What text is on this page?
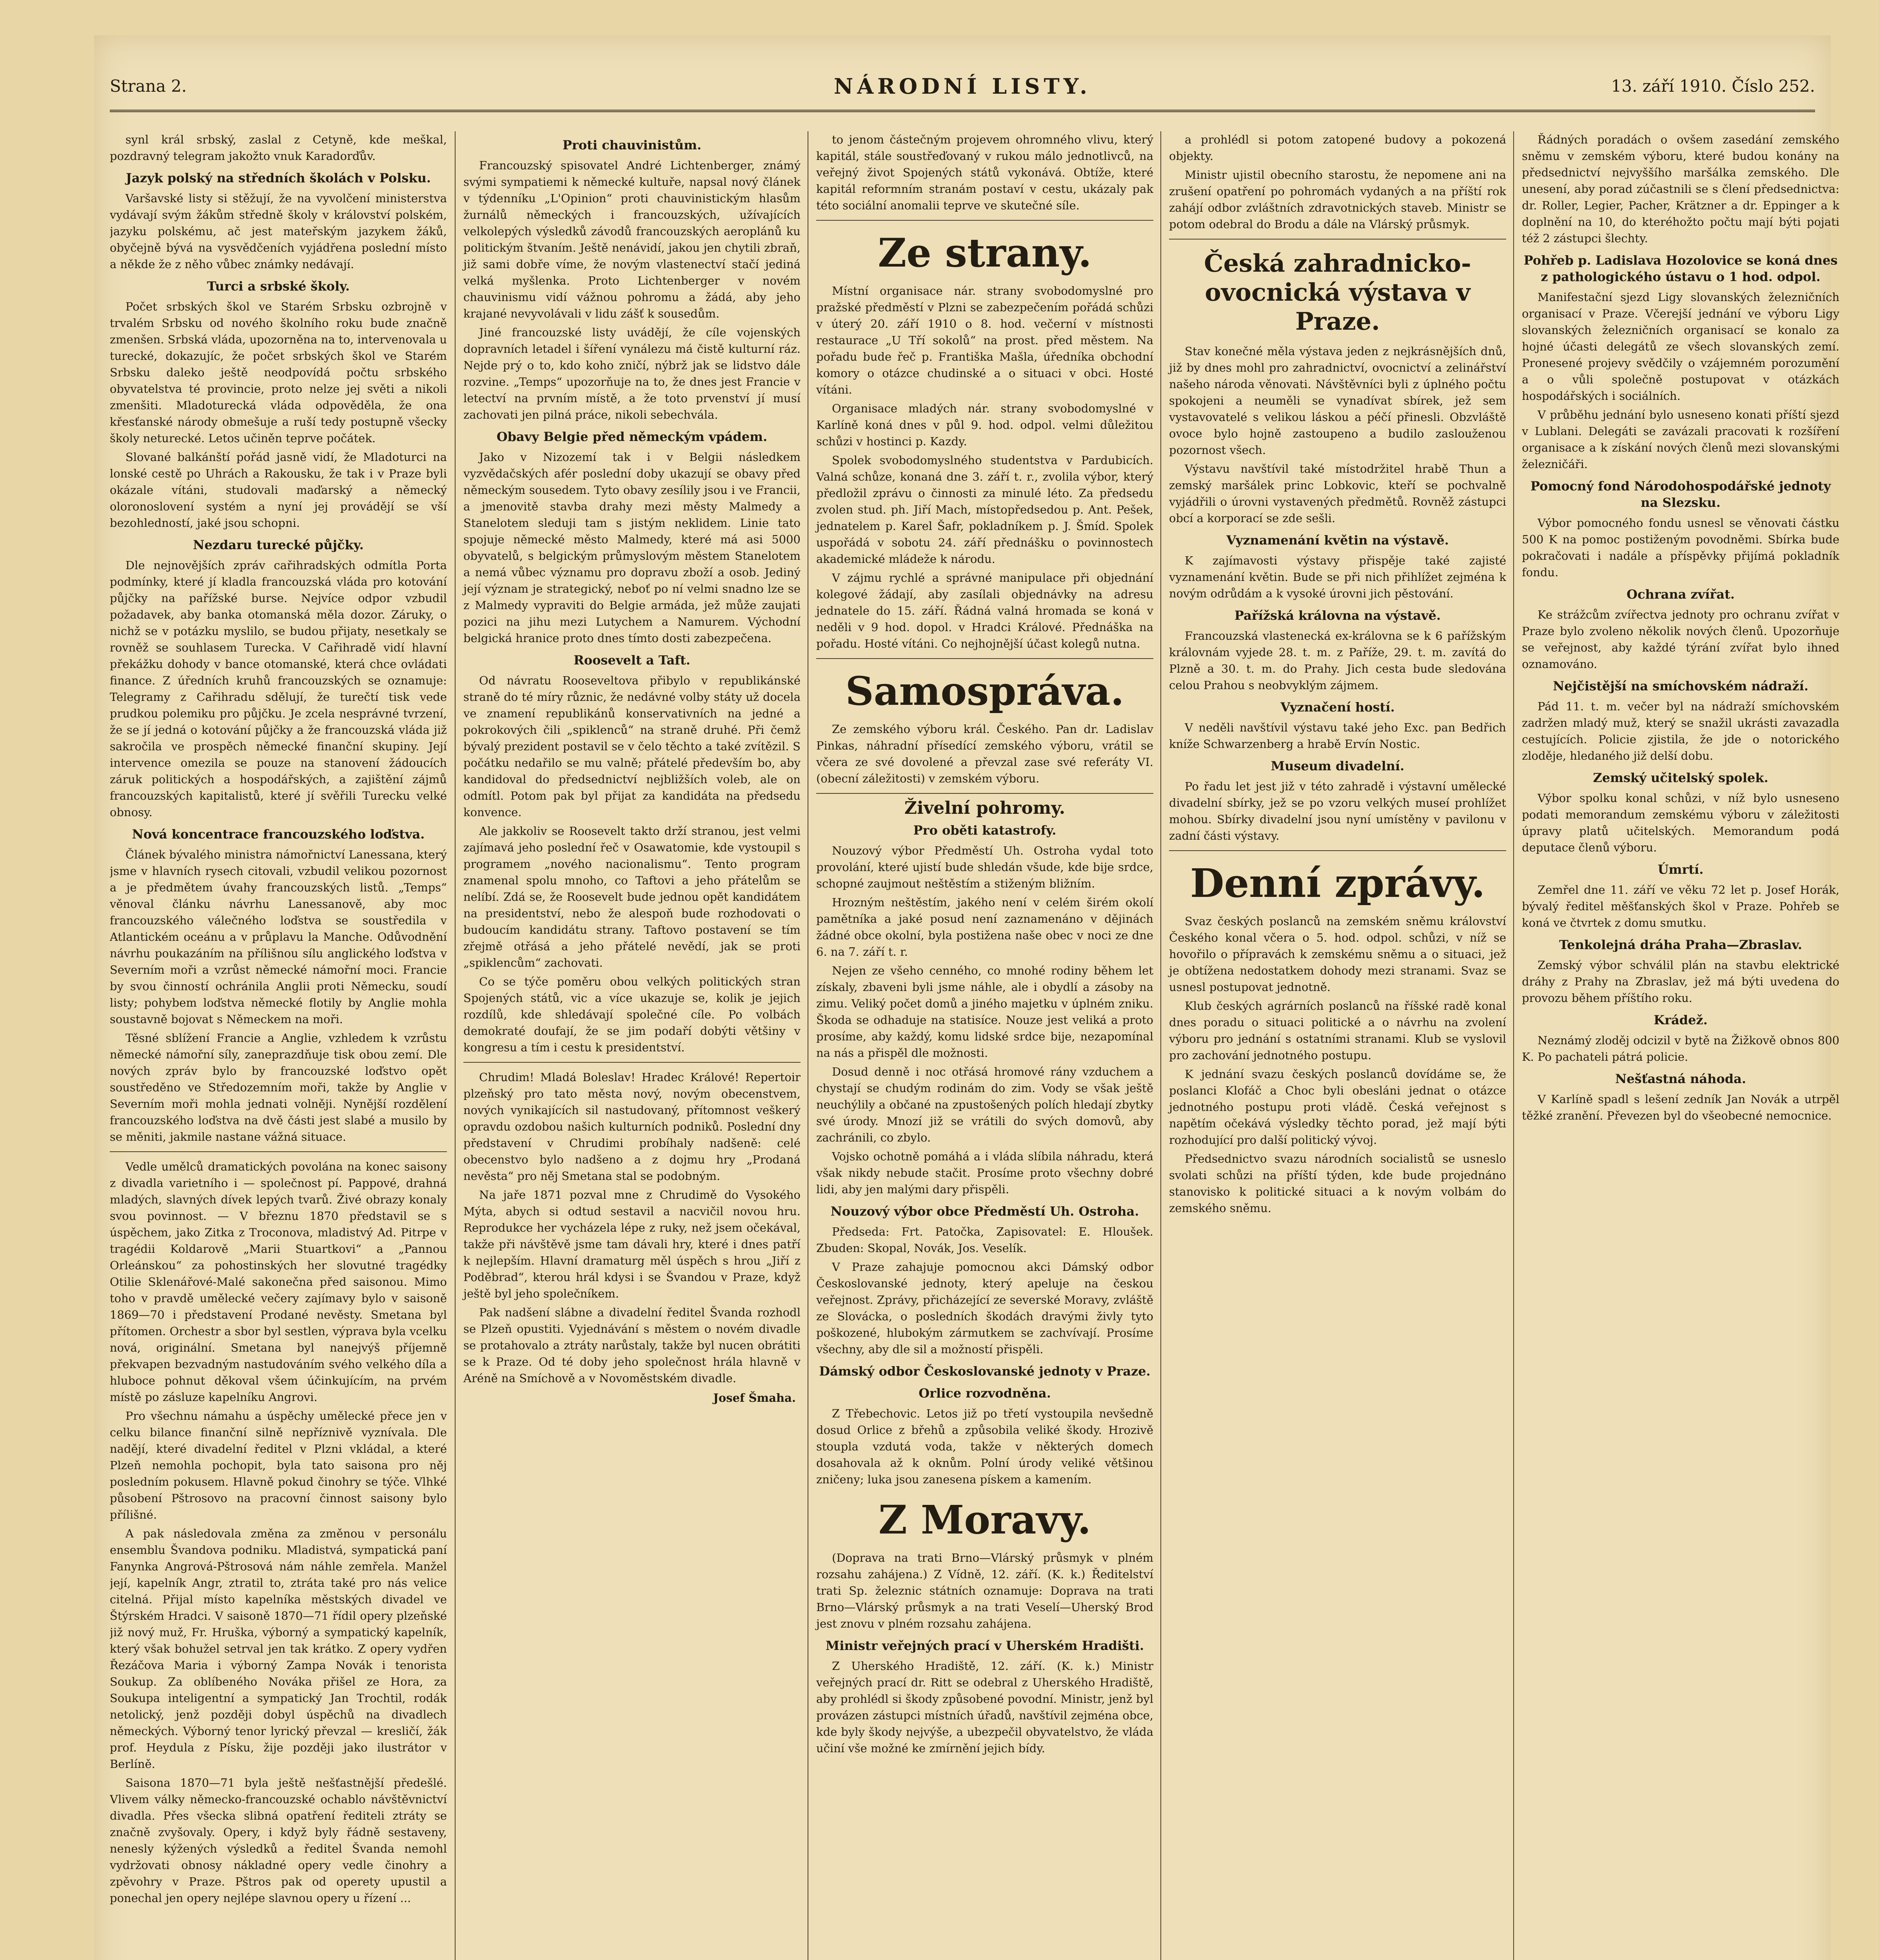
Strana 2.	NÁRODNÍ LISTY.	13. září 1910. Číslo 252.

synl král srbský, zaslal z Cetyně, kde meškal, pozdravný telegram jakožto vnuk Karadorďův.

Jazyk polský na středních školách v Polsku.

Varšavské listy si stěžují, že na vyvolčení ministerstva vydávají svým žákům středně školy v království polském, jazyku polskému, ač jest mateřským jazykem žáků, obyčejně bývá na vysvědčeních vyjádřena poslední místo a někde že z něho vůbec známky nedávají.

Turci a srbské školy.

Počet srbských škol ve Starém Srbsku ozbrojně v trvalém Srbsku od nového školního roku bude značně zmenšen. Srbská vláda, upozorněna na to, intervenovala u turecké, dokazujíc, že počet srbských škol ve Starém Srbsku daleko ještě neodpovídá počtu srbského obyvatelstva té provincie, proto nelze jej světi a nikoli zmenšiti. Mladoturecká vláda odpověděla, že ona křesťanské národy obmešuje a ruší tedy postupně všecky školy neturecké. Letos učiněn teprve počátek.

Slované balkánští pořád jasně vidí, že Mladoturci na lonské cestě po Uhrách a Rakousku, že tak i v Praze byli okázale vítáni, studovali maďarský a německý oloronoslovení systém a nyní jej provádějí se vší bezohledností, jaké jsou schopni.

Nezdaru turecké půjčky.

Dle nejnovějších zpráv cařihradských odmítla Porta podmínky, které jí kladla francouzská vláda pro kotování půjčky na pařížské burse. Nejvíce odpor vzbudil požadavek, aby banka otomanská měla dozor. Záruky, o nichž se v potázku myslilo, se budou přijaty, nesetkaly se rovněž se souhlasem Turecka. V Cařihradě vidí hlavní překážku dohody v bance otomanské, která chce ovládati finance. Z úředních kruhů francouzských se oznamuje: Telegramy z Cařihradu sdělují, že turečtí tisk vede prudkou polemiku pro půjčku. Je zcela nesprávné tvrzení, že se jí jedná o kotování půjčky a že francouzská vláda již sakročila ve prospěch německé finanční skupiny. Její intervence omezila se pouze na stanovení žádoucích záruk politických a hospodářských, a zajištění zájmů francouzských kapitalistů, které jí svěřili Turecku velké obnosy.

Nová koncentrace francouzského loďstva.

Článek bývalého ministra námořnictví Lanessana, který jsme v hlavních rysech citovali, vzbudil velikou pozornost a je předmětem úvahy francouzských listů. „Temps“ věnoval článku návrhu Lanessanově, aby moc francouzského válečného loďstva se soustředila v Atlantickém oceánu a v průplavu la Manche. Odůvodnění návrhu poukazáním na přílišnou sílu anglického loďstva v Severním moři a vzrůst německé námořní moci. Francie by svou činností ochránila Anglii proti Německu, soudí listy; pohybem loďstva německé flotily by Anglie mohla soustavně bojovat s Německem na moři.

Těsné sblížení Francie a Anglie, vzhledem k vzrůstu německé námořní síly, zaneprazdňuje tisk obou zemí. Dle nových zpráv bylo by francouzské loďstvo opět soustředěno ve Středozemním moři, takže by Anglie v Severním moři mohla jednati volněji. Nynější rozdělení francouzského loďstva na dvě části jest slabé a musilo by se měniti, jakmile nastane vážná situace.

Vedle umělců dramatických povolána na konec saisony z divadla varietního i — společnost pí. Pappové, drahná mladých, slavných dívek lepých tvarů. Živé obrazy konaly svou povinnost. — V březnu 1870 představil se s úspěchem, jako Zitka z Troconova, mladistvý Ad. Pitrpe v tragédii Koldarově „Marii Stuartkovi“ a „Pannou Orleánskou“ za pohostinských her slovutné tragédky Otilie Sklenářové-Malé sakonečna před saisonou. Mimo toho v pravdě umělecké večery zajímavy bylo v saisoně 1869—70 i představení Prodané nevěsty. Smetana byl přítomen. Orchestr a sbor byl sestlen, výprava byla vcelku nová, originální. Smetana byl nanejvýš příjemně překvapen bezvadným nastudováním svého velkého díla a hluboce pohnut děkoval všem účinkujícím, na prvém místě po zásluze kapelníku Angrovi.

Pro všechnu námahu a úspěchy umělecké přece jen v celku bilance finanční silně nepříznivě vyznívala. Dle nadějí, které divadelní ředitel v Plzni vkládal, a které Plzeň nemohla pochopit, byla tato saisona pro něj posledním pokusem. Hlavně pokud činohry se týče. Vlhké působení Pštrosovo na pracovní činnost saisony bylo přílišné.

A pak následovala změna za změnou v personálu ensemblu Švandova podniku. Mladistvá, sympatická paní Fanynka Angrová-Pštrosová nám náhle zemřela. Manžel její, kapelník Angr, ztratil to, ztráta také pro nás velice citelná. Přijal místo kapelníka městských divadel ve Štýrském Hradci. V saisoně 1870—71 řídil opery plzeňské již nový muž, Fr. Hruška, výborný a sympatický kapelník, který však bohužel setrval jen tak krátko. Z opery vydřen Řezáčova Maria i výborný Zampa Novák i tenorista Soukup. Za oblíbeného Nováka přišel ze Hora, za Soukupa inteligentní a sympatický Jan Trochtil, rodák netolický, jenž později dobyl úspěchů na divadlech německých. Výborný tenor lyrický převzal — kresličí, žák prof. Heydula z Písku, žije později jako ilustrátor v Berlíně.

Saisona 1870—71 byla ještě nešťastnější předešlé. Vlivem války německo-francouzské ochablo návštěvnictví divadla. Přes všecka slibná opatření řediteli ztráty se značně zvyšovaly. Opery, i když byly řádně sestaveny, nenesly kýžených výsledků a ředitel Švanda nemohl vydržovati obnosy nákladné opery vedle činohry a zpěvohry v Praze. Pštros pak od operety upustil a ponechal jen opery nejlépe slavnou opery u řízení ...

Proti chauvinistům.

Francouzský spisovatel André Lichtenberger, známý svými sympatiemi k německé kultuře, napsal nový článek v týdenníku „L'Opinion“ proti chauvinistickým hlasům žurnálů německých i francouzských, užívajících velkolepých výsledků závodů francouzských aeroplánů ku politickým štvaním. Ještě nenávidí, jakou jen chytili zbraň, již sami dobře víme, že novým vlastenectví stačí jediná velká myšlenka. Proto Lichtenberger v novém chauvinismu vidí vážnou pohromu a žádá, aby jeho krajané nevyvolávali v lidu zášť k sousedům.

Jiné francouzské listy uvádějí, že cíle vojenských dopravních letadel i šíření vynálezu má čistě kulturní ráz. Nejde prý o to, kdo koho zničí, nýbrž jak se lidstvo dále rozvine. „Temps“ upozorňuje na to, že dnes jest Francie v letectví na prvním místě, a že toto prvenství jí musí zachovati jen pilná práce, nikoli sebechvála.

Obavy Belgie před německým vpádem.

Jako v Nizozemí tak i v Belgii následkem vyzvědačských afér poslední doby ukazují se obavy před německým sousedem. Tyto obavy zesílily jsou i ve Francii, a jmenovitě stavba drahy mezi městy Malmedy a Stanelotem sleduji tam s jistým neklidem. Linie tato spojuje německé město Malmedy, které má asi 5000 obyvatelů, s belgickým průmyslovým městem Stanelotem a nemá vůbec významu pro dopravu zboží a osob. Jediný její význam je strategický, neboť po ní velmi snadno lze se z Malmedy vypraviti do Belgie armáda, jež může zaujati pozici na jihu mezi Lutychem a Namurem. Východní belgická hranice proto dnes tímto dosti zabezpečena.

Roosevelt a Taft.

Od návratu Rooseveltova přibylo v republikánské straně do té míry různic, že nedávné volby státy už docela ve znamení republikánů konservativních na jedné a pokrokových čili „spiklenců“ na straně druhé. Při čemž bývalý prezident postavil se v čelo těchto a také zvítězil. S počátku nedařilo se mu valně; přátelé především bo, aby kandidoval do předsednictví nejbližších voleb, ale on odmítl. Potom pak byl přijat za kandidáta na předsedu konvence.

Ale jakkoliv se Roosevelt takto drží stranou, jest velmi zajímavá jeho poslední řeč v Osawatomie, kde vystoupil s programem „nového nacionalismu“. Tento program znamenal spolu mnoho, co Taftovi a jeho přátelům se nelíbí. Zdá se, že Roosevelt bude jednou opět kandidátem na presidentství, nebo že alespoň bude rozhodovati o budoucím kandidátu strany. Taftovo postavení se tím zřejmě otřásá a jeho přátelé nevědí, jak se proti „spiklencům“ zachovati.

Co se týče poměru obou velkých politických stran Spojených států, vic a více ukazuje se, kolik je jejich rozdílů, kde shledávají společné cíle. Po volbách demokraté doufají, že se jim podaří dobýti většiny v kongresu a tím i cestu k presidentství.

Chrudim! Mladá Boleslav! Hradec Králové! Repertoir plzeňský pro tato města nový, novým obecenstvem, nových vynikajících sil nastudovaný, přítomnost veškerý opravdu ozdobou našich kulturních podniků. Poslední dny představení v Chrudimi probíhaly nadšeně: celé obecenstvo bylo nadšeno a z dojmu hry „Prodaná nevěsta“ pro něj Smetana stal se podobným.

Na jaře 1871 pozval mne z Chrudimě do Vysokého Mýta, abych si odtud sestavil a nacvičil novou hru. Reprodukce her vycházela lépe z ruky, než jsem očekával, takže při návštěvě jsme tam dávali hry, které i dnes patří k nejlepším. Hlavní dramaturg měl úspěch s hrou „Jiří z Poděbrad“, kterou hrál kdysi i se Švandou v Praze, když ještě byl jeho společníkem.

Pak nadšení slábne a divadelní ředitel Švanda rozhodl se Plzeň opustiti. Vyjednávání s městem o novém divadle se protahovalo a ztráty narůstaly, takže byl nucen obrátiti se k Praze. Od té doby jeho společnost hrála hlavně v Aréně na Smíchově a v Novoměstském divadle.

Josef Šmaha.

to jenom částečným projevem ohromného vlivu, který kapitál, stále soustřeďovaný v rukou málo jednotlivců, na veřejný život Spojených států vykonává. Obtíže, které kapitál reformním stranám postaví v cestu, ukázaly pak této sociální anomalii teprve ve skutečné síle.

Ze strany.

Místní organisace nár. strany svobodomyslné pro pražské předměstí v Plzni se zabezpečením pořádá schůzi v úterý 20. září 1910 o 8. hod. večerní v místnosti restaurace „U Tří sokolů“ na prost. před městem. Na pořadu bude řeč p. Františka Mašla, úředníka obchodní komory o otázce chudinské a o situaci v obci. Hosté vítáni.

Organisace mladých nár. strany svobodomyslné v Karlíně koná dnes v půl 9. hod. odpol. velmi důležitou schůzi v hostinci p. Kazdy.

Spolek svobodomyslného studentstva v Pardubicích. Valná schůze, konaná dne 3. září t. r., zvolila výbor, který předložil zprávu o činnosti za minulé léto. Za předsedu zvolen stud. ph. Jiří Mach, místopředsedou p. Ant. Pešek, jednatelem p. Karel Šafr, pokladníkem p. J. Šmíd. Spolek uspořádá v sobotu 24. září přednášku o povinnostech akademické mládeže k národu.

V zájmu rychlé a správné manipulace při objednání kolegové žádají, aby zasílali objednávky na adresu jednatele do 15. září. Řádná valná hromada se koná v neděli v 9 hod. dopol. v Hradci Králové. Přednáška na pořadu. Hosté vítáni. Co nejhojnější účast kolegů nutna.

Samospráva.

Ze zemského výboru král. Českého. Pan dr. Ladislav Pinkas, náhradní přísedící zemského výboru, vrátil se včera ze své dovolené a převzal zase své referáty VI. (obecní záležitosti) v zemském výboru.

Živelní pohromy.
Pro oběti katastrofy.

Nouzový výbor Předměstí Uh. Ostroha vydal toto provolání, které ujistí bude shledán všude, kde bije srdce, schopné zaujmout neštěstím a stiženým bližním.

Hrozným neštěstím, jakého není v celém širém okolí pamětníka a jaké posud není zaznamenáno v dějinách žádné obce okolní, byla postižena naše obec v noci ze dne 6. na 7. září t. r.

Nejen ze všeho cenného, co mnohé rodiny během let získaly, zbaveni byli jsme náhle, ale i obydlí a zásoby na zimu. Veliký počet domů a jiného majetku v úplném zniku. Škoda se odhaduje na statisíce. Nouze jest veliká a proto prosíme, aby každý, komu lidské srdce bije, nezapomínal na nás a přispěl dle možnosti.

Dosud denně i noc otřásá hromové rány vzduchem a chystají se chudým rodinám do zim. Vody se však ještě neuchýlily a občané na zpustošených polích hledají zbytky své úrody. Mnozí již se vrátili do svých domovů, aby zachránili, co zbylo.

Vojsko ochotně pomáhá a i vláda slíbila náhradu, která však nikdy nebude stačit. Prosíme proto všechny dobré lidi, aby jen malými dary přispěli.

Nouzový výbor obce Předměstí Uh. Ostroha.

Předseda: Frt. Patočka, Zapisovatel: E. Hloušek. Zbuden: Skopal, Novák, Jos. Veselík.

V Praze zahajuje pomocnou akci Dámský odbor Českoslovanské jednoty, který apeluje na českou veřejnost. Zprávy, přicházející ze severské Moravy, zvláště ze Slovácka, o posledních škodách dravými živly tyto poškozené, hlubokým zármutkem se zachvívají. Prosíme všechny, aby dle sil a možností přispěli.

Dámský odbor Českoslovanské jednoty v Praze.
Orlice rozvodněna.

Z Třebechovic. Letos již po třetí vystoupila nevšedně dosud Orlice z břehů a způsobila veliké škody. Hrozivě stoupla vzdutá voda, takže v některých domech dosahovala až k oknům. Polní úrody veliké většinou zničeny; luka jsou zanesena pískem a kamením.

Z Moravy.

(Doprava na trati Brno—Vlárský průsmyk v plném rozsahu zahájena.) Z Vídně, 12. září. (K. k.) Ředitelství trati Sp. železnic státních oznamuje: Doprava na trati Brno—Vlárský průsmyk a na trati Veselí—Uherský Brod jest znovu v plném rozsahu zahájena.

Ministr veřejných prací v Uherském Hradišti.

Z Uherského Hradiště, 12. září. (K. k.) Ministr veřejných prací dr. Ritt se odebral z Uherského Hradiště, aby prohlédl si škody způsobené povodní. Ministr, jenž byl provázen zástupci místních úřadů, navštívil zejména obce, kde byly škody nejvýše, a ubezpečil obyvatelstvo, že vláda učiní vše možné ke zmírnění jejich bídy.

a prohlédl si potom zatopené budovy a pokozená objekty.

Ministr ujistil obecního starostu, že nepomene ani na zrušení opatření po pohromách vydaných a na příští rok zahájí odbor zvláštních zdravotnických staveb. Ministr se potom odebral do Brodu a dále na Vlárský průsmyk.

Česká zahradnicko-ovocnická výstava v Praze.

Stav konečné měla výstava jeden z nejkrásnějších dnů, již by dnes mohl pro zahradnictví, ovocnictví a zelinářství našeho národa věnovati. Návštěvníci byli z úplného počtu spokojeni a neuměli se vynadívat sbírek, jež sem vystavovatelé s velikou láskou a péčí přinesli. Obzvláště ovoce bylo hojně zastoupeno a budilo zaslouženou pozornost všech.

Výstavu navštívil také místodržitel hrabě Thun a zemský maršálek princ Lobkovic, kteří se pochvalně vyjádřili o úrovni vystavených předmětů. Rovněž zástupci obcí a korporací se zde sešli.

Vyznamenání květin na výstavě.

K zajímavosti výstavy přispěje také zajisté vyznamenání květin. Bude se při nich přihlížet zejména k novým odrůdám a k vysoké úrovni jich pěstování.

Pařížská královna na výstavě.

Francouzská vlastenecká ex-královna se k 6 pařížským královnám vyjede 28. t. m. z Paříže, 29. t. m. zavítá do Plzně a 30. t. m. do Prahy. Jich cesta bude sledována celou Prahou s neobvyklým zájmem.

Vyznačení hostí.

V neděli navštívil výstavu také jeho Exc. pan Bedřich kníže Schwarzenberg a hrabě Ervín Nostic.

Museum divadelní.

Po řadu let jest již v této zahradě i výstavní umělecké divadelní sbírky, jež se po vzoru velkých museí prohlížet mohou. Sbírky divadelní jsou nyní umístěny v pavilonu v zadní části výstavy.

Denní zprávy.

Svaz českých poslanců na zemském sněmu království Českého konal včera o 5. hod. odpol. schůzi, v níž se hovořilo o přípravách k zemskému sněmu a o situaci, jež je obtížena nedostatkem dohody mezi stranami. Svaz se usnesl postupovat jednotně.

Klub českých agrárních poslanců na říšské radě konal dnes poradu o situaci politické a o návrhu na zvolení výboru pro jednání s ostatními stranami. Klub se vyslovil pro zachování jednotného postupu.

K jednání svazu českých poslanců dovídáme se, že poslanci Klofáč a Choc byli obesláni jednat o otázce jednotného postupu proti vládě. Česká veřejnost s napětím očekává výsledky těchto porad, jež mají býti rozhodující pro další politický vývoj.

Předsednictvo svazu národních socialistů se usneslo svolati schůzi na příští týden, kde bude projednáno stanovisko k politické situaci a k novým volbám do zemského sněmu.

Řádných poradách o ovšem zasedání zemského sněmu v zemském výboru, které budou konány na předsednictví nejvyššího maršálka zemského. Dle unesení, aby porad zúčastnili se s člení předsednictva: dr. Roller, Legier, Pacher, Krätzner a dr. Eppinger a k doplnění na 10, do kteréhožto počtu mají býti pojati též 2 zástupci šlechty.

Pohřeb p. Ladislava Hozolovice se koná dnes z pathologického ústavu o 1 hod. odpol.

Manifestační sjezd Ligy slovanských železničních organisací v Praze. Včerejší jednání ve výboru Ligy slovanských železničních organisací se konalo za hojné účasti delegátů ze všech slovanských zemí. Pronesené projevy svědčily o vzájemném porozumění a o vůli společně postupovat v otázkách hospodářských i sociálních.

V průběhu jednání bylo usneseno konati příští sjezd v Lublani. Delegáti se zavázali pracovati k rozšíření organisace a k získání nových členů mezi slovanskými železničáři.

Pomocný fond Národohospodářské jednoty na Slezsku.

Výbor pomocného fondu usnesl se věnovati částku 500 K na pomoc postiženým povodněmi. Sbírka bude pokračovati i nadále a příspěvky přijímá pokladník fondu.

Ochrana zvířat.

Ke strážcům zvířectva jednoty pro ochranu zvířat v Praze bylo zvoleno několik nových členů. Upozorňuje se veřejnost, aby každé týrání zvířat bylo ihned oznamováno.

Nejčistější na smíchovském nádraží.

Pád 11. t. m. večer byl na nádraží smíchovském zadržen mladý muž, který se snažil ukrásti zavazadla cestujících. Policie zjistila, že jde o notorického zloděje, hledaného již delší dobu.

Zemský učitelský spolek.

Výbor spolku konal schůzi, v níž bylo usneseno podati memorandum zemskému výboru v záležitosti úpravy platů učitelských. Memorandum podá deputace členů výboru.

Úmrtí.

Zemřel dne 11. září ve věku 72 let p. Josef Horák, bývalý ředitel měšťanských škol v Praze. Pohřeb se koná ve čtvrtek z domu smutku.

Tenkolejná dráha Praha—Zbraslav.

Zemský výbor schválil plán na stavbu elektrické dráhy z Prahy na Zbraslav, jež má býti uvedena do provozu během příštího roku.

Krádež.

Neznámý zloděj odcizil v bytě na Žižkově obnos 800 K. Po pachateli pátrá policie.

Nešťastná náhoda.

V Karlíně spadl s lešení zedník Jan Novák a utrpěl těžké zranění. Převezen byl do všeobecné nemocnice.
